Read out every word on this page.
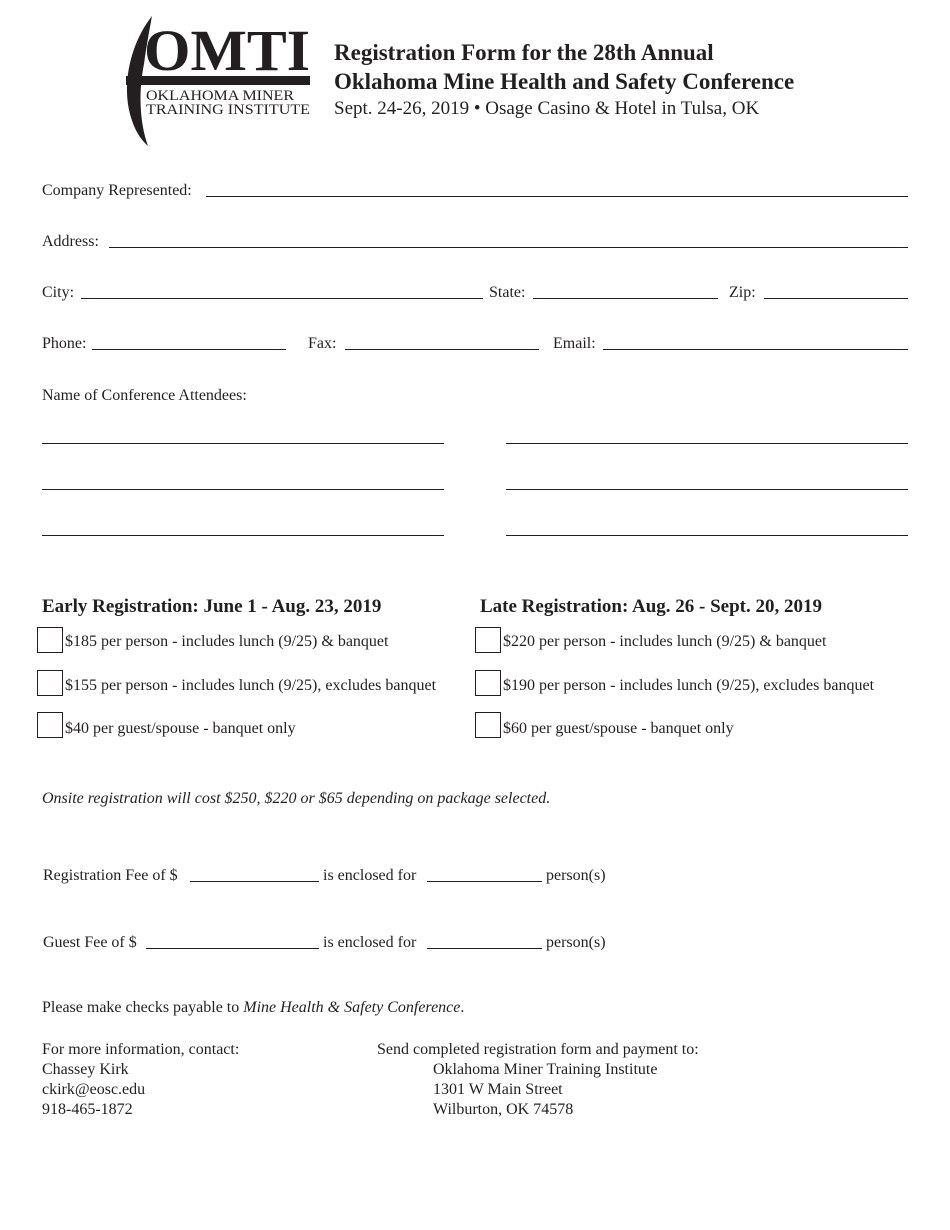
OMTI
OKLAHOMA MINER
TRAINING INSTITUTE
Registration Form for the 28th Annual
Oklahoma Mine Health and Safety Conference
Sept. 24-26, 2019 • Osage Casino & Hotel in Tulsa, OK
Company Represented:
Address:
City:	State:	Zip:
Phone:	Fax:	Email:
Name of Conference Attendees:
Early Registration: June 1 - Aug. 23, 2019
$185 per person - includes lunch (9/25) & banquet
$155 per person - includes lunch (9/25), excludes banquet
$40 per guest/spouse - banquet only
Late Registration: Aug. 26 - Sept. 20, 2019
$220 per person - includes lunch (9/25) & banquet
$190 per person - includes lunch (9/25), excludes banquet
$60 per guest/spouse - banquet only
Onsite registration will cost $250, $220 or $65 depending on package selected.
Registration Fee of $	is enclosed for	person(s)
Guest Fee of $	is enclosed for	person(s)
Please make checks payable to Mine Health & Safety Conference.
For more information, contact:
Chassey Kirk
ckirk@eosc.edu
918-465-1872
Send completed registration form and payment to:
Oklahoma Miner Training Institute
1301 W Main Street
Wilburton, OK 74578
